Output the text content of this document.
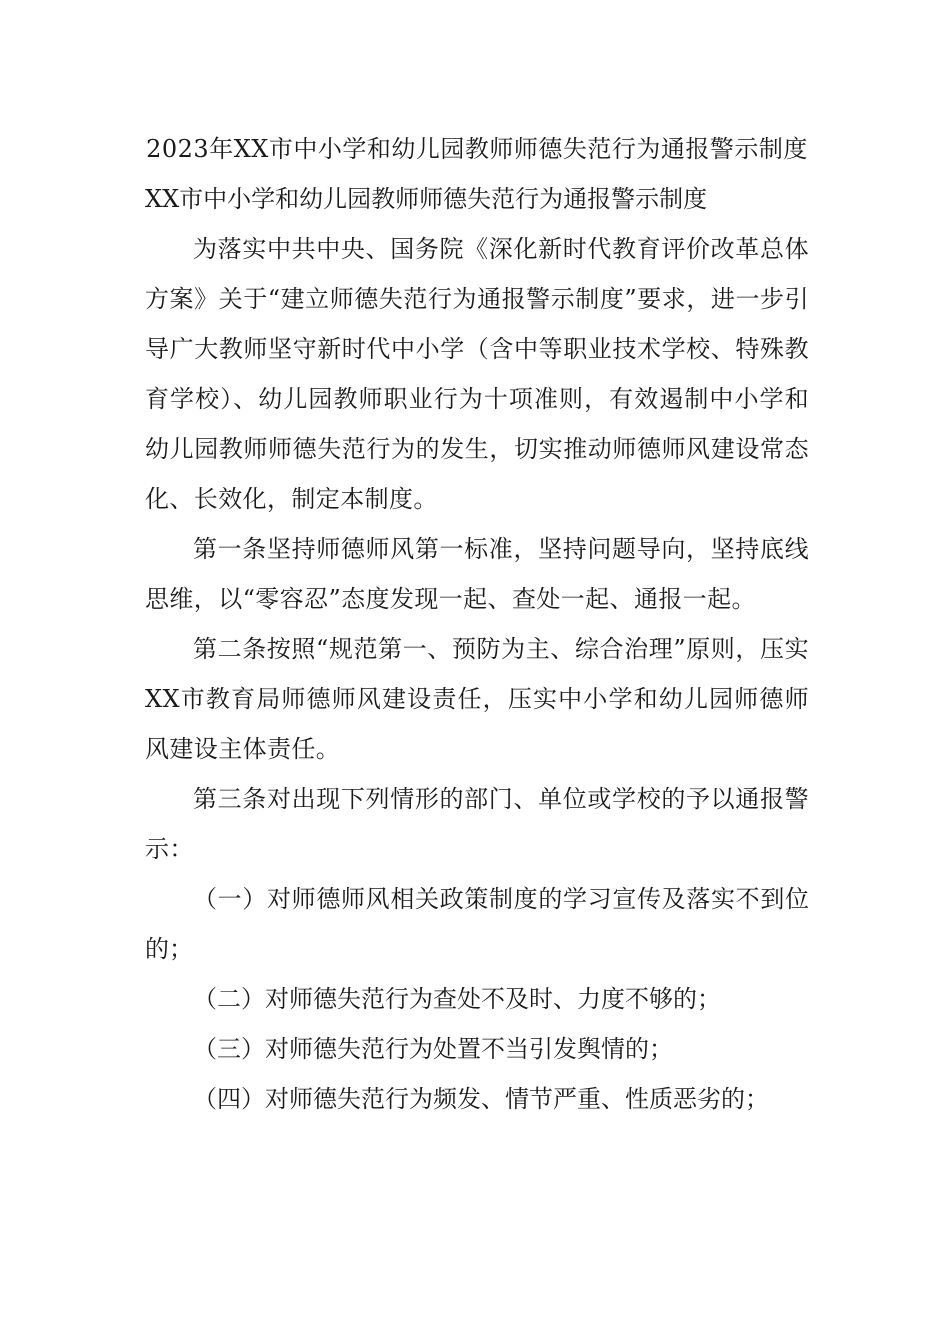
2023年XX市中小学和幼儿园教师师德失范行为通报警示制度

XX市中小学和幼儿园教师师德失范行为通报警示制度

为落实中共中央、国务院《深化新时代教育评价改革总体方案》关于“建立师德失范行为通报警示制度”要求，进一步引导广大教师坚守新时代中小学（含中等职业技术学校、特殊教育学校）、幼儿园教师职业行为十项准则，有效遏制中小学和幼儿园教师师德失范行为的发生，切实推动师德师风建设常态化、长效化，制定本制度。

第一条坚持师德师风第一标准，坚持问题导向，坚持底线思维，以“零容忍”态度发现一起、查处一起、通报一起。

第二条按照“规范第一、预防为主、综合治理”原则，压实XX市教育局师德师风建设责任，压实中小学和幼儿园师德师风建设主体责任。

第三条对出现下列情形的部门、单位或学校的予以通报警示：

（一）对师德师风相关政策制度的学习宣传及落实不到位的；

（二）对师德失范行为查处不及时、力度不够的；

（三）对师德失范行为处置不当引发舆情的；

（四）对师德失范行为频发、情节严重、性质恶劣的；
